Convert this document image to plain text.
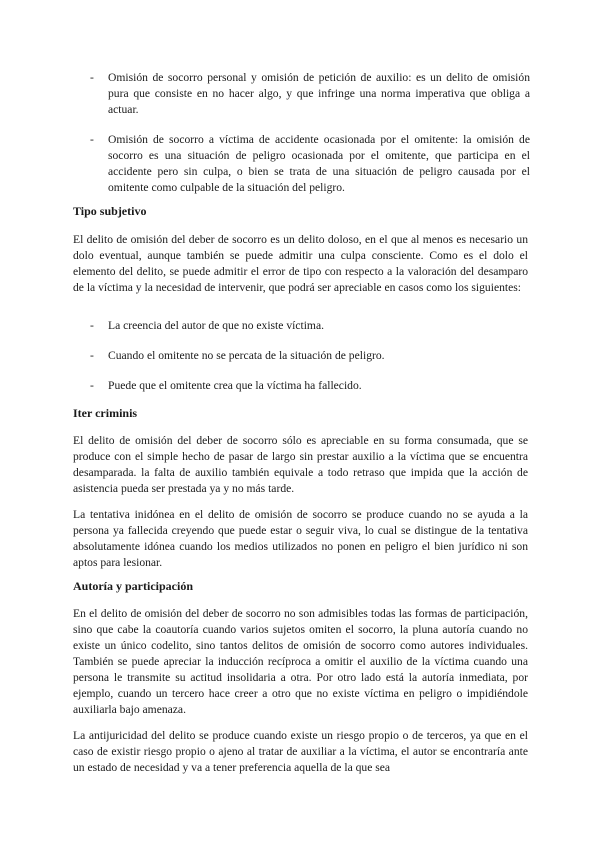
- Omisión de socorro personal y omisión de petición de auxilio: es un delito de omisión pura que consiste en no hacer algo, y que infringe una norma imperativa que obliga a actuar.
- Omisión de socorro a víctima de accidente ocasionada por el omitente: la omisión de socorro es una situación de peligro ocasionada por el omitente, que participa en el accidente pero sin culpa, o bien se trata de una situación de peligro causada por el omitente como culpable de la situación del peligro.
Tipo subjetivo

El delito de omisión del deber de socorro es un delito doloso, en el que al menos es necesario un dolo eventual, aunque también se puede admitir una culpa consciente. Como es el dolo el elemento del delito, se puede admitir el error de tipo con respecto a la valoración del desamparo de la víctima y la necesidad de intervenir, que podrá ser apreciable en casos como los siguientes:

- La creencia del autor de que no existe víctima.
- Cuando el omitente no se percata de la situación de peligro.
- Puede que el omitente crea que la víctima ha fallecido.
Iter criminis

El delito de omisión del deber de socorro sólo es apreciable en su forma consumada, que se produce con el simple hecho de pasar de largo sin prestar auxilio a la víctima que se encuentra desamparada. la falta de auxilio también equivale a todo retraso que impida que la acción de asistencia pueda ser prestada ya y no más tarde.

La tentativa inidónea en el delito de omisión de socorro se produce cuando no se ayuda a la persona ya fallecida creyendo que puede estar o seguir viva, lo cual se distingue de la tentativa absolutamente idónea cuando los medios utilizados no ponen en peligro el bien jurídico ni son aptos para lesionar.

Autoría y participación

En el delito de omisión del deber de socorro no son admisibles todas las formas de participación, sino que cabe la coautoría cuando varios sujetos omiten el socorro, la pluna autoría cuando no existe un único codelito, sino tantos delitos de omisión de socorro como autores individuales. También se puede apreciar la inducción recíproca a omitir el auxilio de la víctima cuando una persona le transmite su actitud insolidaria a otra. Por otro lado está la autoría inmediata, por ejemplo, cuando un tercero hace creer a otro que no existe víctima en peligro o impidiéndole auxiliarla bajo amenaza.

La antijuricidad del delito se produce cuando existe un riesgo propio o de terceros, ya que en el caso de existir riesgo propio o ajeno al tratar de auxiliar a la víctima, el autor se encontraría ante un estado de necesidad y va a tener preferencia aquella de la que sea
